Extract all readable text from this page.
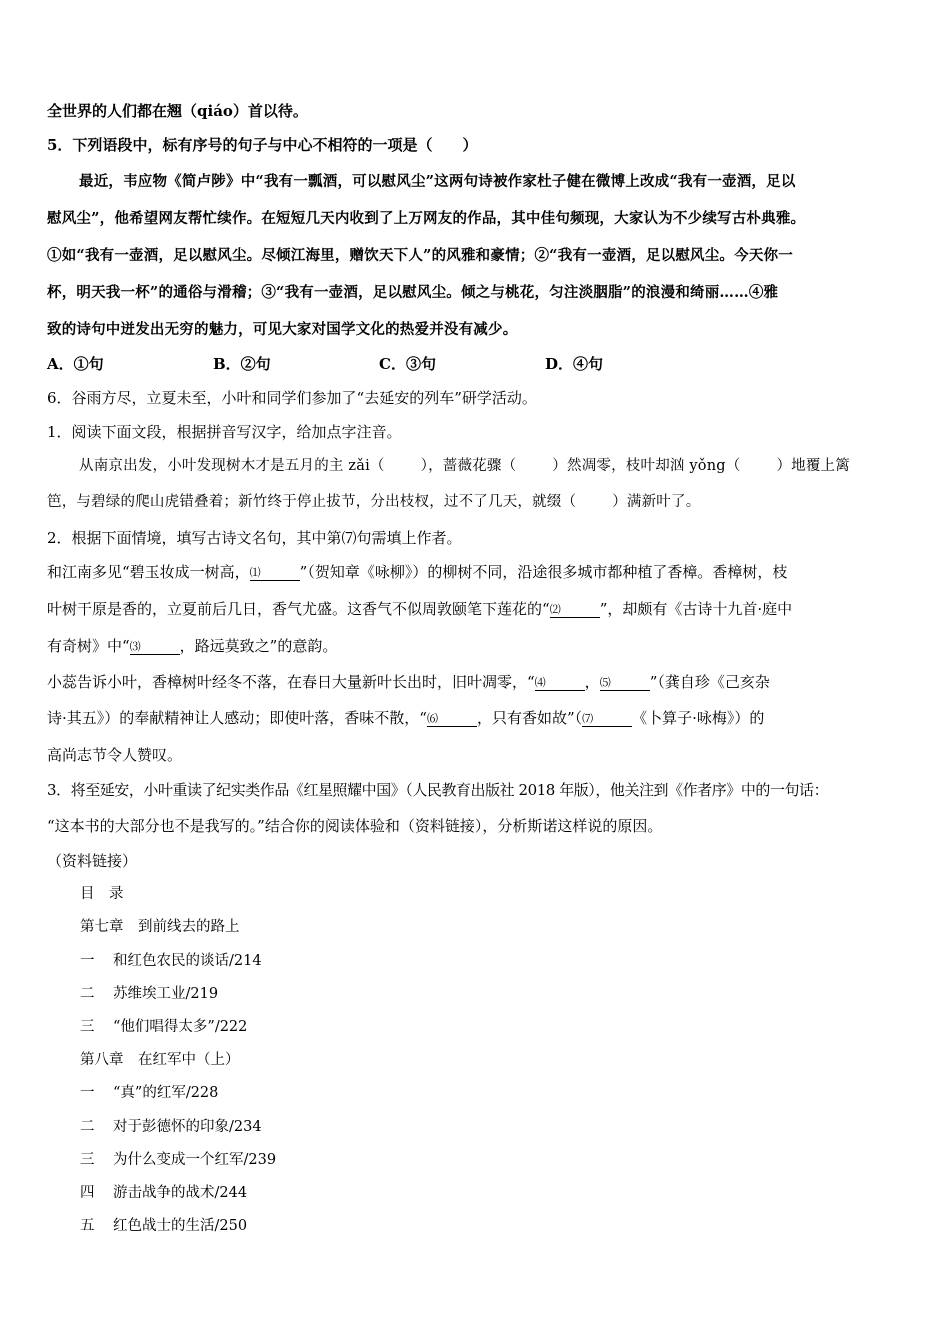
全世界的人们都在翘（qiáo）首以待。
5．下列语段中，标有序号的句子与中心不相符的一项是（　　）
最近，韦应物《简卢陟》中“我有一瓢酒，可以慰风尘”这两句诗被作家杜子健在微博上改成“我有一壶酒，足以
慰风尘”，他希望网友帮忙续作。在短短几天内收到了上万网友的作品，其中佳句频现，大家认为不少续写古朴典雅。
①如“我有一壶酒，足以慰风尘。尽倾江海里，赠饮天下人”的风雅和豪情；②“我有一壶酒，足以慰风尘。今天你一
杯，明天我一杯”的通俗与滑稽；③“我有一壶酒，足以慰风尘。倾之与桃花，匀注淡胭脂”的浪漫和绮丽……④雅
致的诗句中迸发出无穷的魅力，可见大家对国学文化的热爱并没有减少。
A．①句	B．②句	C．③句	D．④句
6．谷雨方尽，立夏未至，小叶和同学们参加了“去延安的列车”研学活动。
1．阅读下面文段，根据拼音写汉字，给加点字注音。
从南京出发，小叶发现树木才是五月的主 zǎi（ ），蔷薇花骤（ ）然凋零，枝叶却汹 yǒng（ ）地覆上篱
笆，与碧绿的爬山虎错叠着；新竹终于停止拔节，分出枝杈，过不了几天，就缀（ ）满新叶了。
2．根据下面情境，填写古诗文名句，其中第⑺句需填上作者。
和江南多见“碧玉妆成一树高，⑴	”（贺知章《咏柳》）的柳树不同，沿途很多城市都种植了香樟。香樟树，枝
叶树干原是香的，立夏前后几日，香气尤盛。这香气不似周敦颐笔下莲花的“⑵	”，却颇有《古诗十九首·庭中
有奇树》中“⑶	，路远莫致之”的意韵。
小蕊告诉小叶，香樟树叶经冬不落，在春日大量新叶长出时，旧叶凋零，“⑷	，⑸	”（龚自珍《己亥杂
诗·其五》）的奉献精神让人感动；即使叶落，香味不散，“⑹	，只有香如故”（⑺	《卜算子·咏梅》）的
高尚志节令人赞叹。
3．将至延安，小叶重读了纪实类作品《红星照耀中国》（人民教育出版社 2018 年版），他关注到《作者序》中的一句话：
“这本书的大部分也不是我写的。”结合你的阅读体验和（资料链接），分析斯诺这样说的原因。
（资料链接）
目　录
第七章　到前线去的路上
一 和红色农民的谈话/214
二 苏维埃工业/219
三 “他们唱得太多”/222
第八章　在红军中（上）
一 “真”的红军/228
二 对于彭德怀的印象/234
三 为什么变成一个红军/239
四 游击战争的战术/244
五 红色战士的生活/250
